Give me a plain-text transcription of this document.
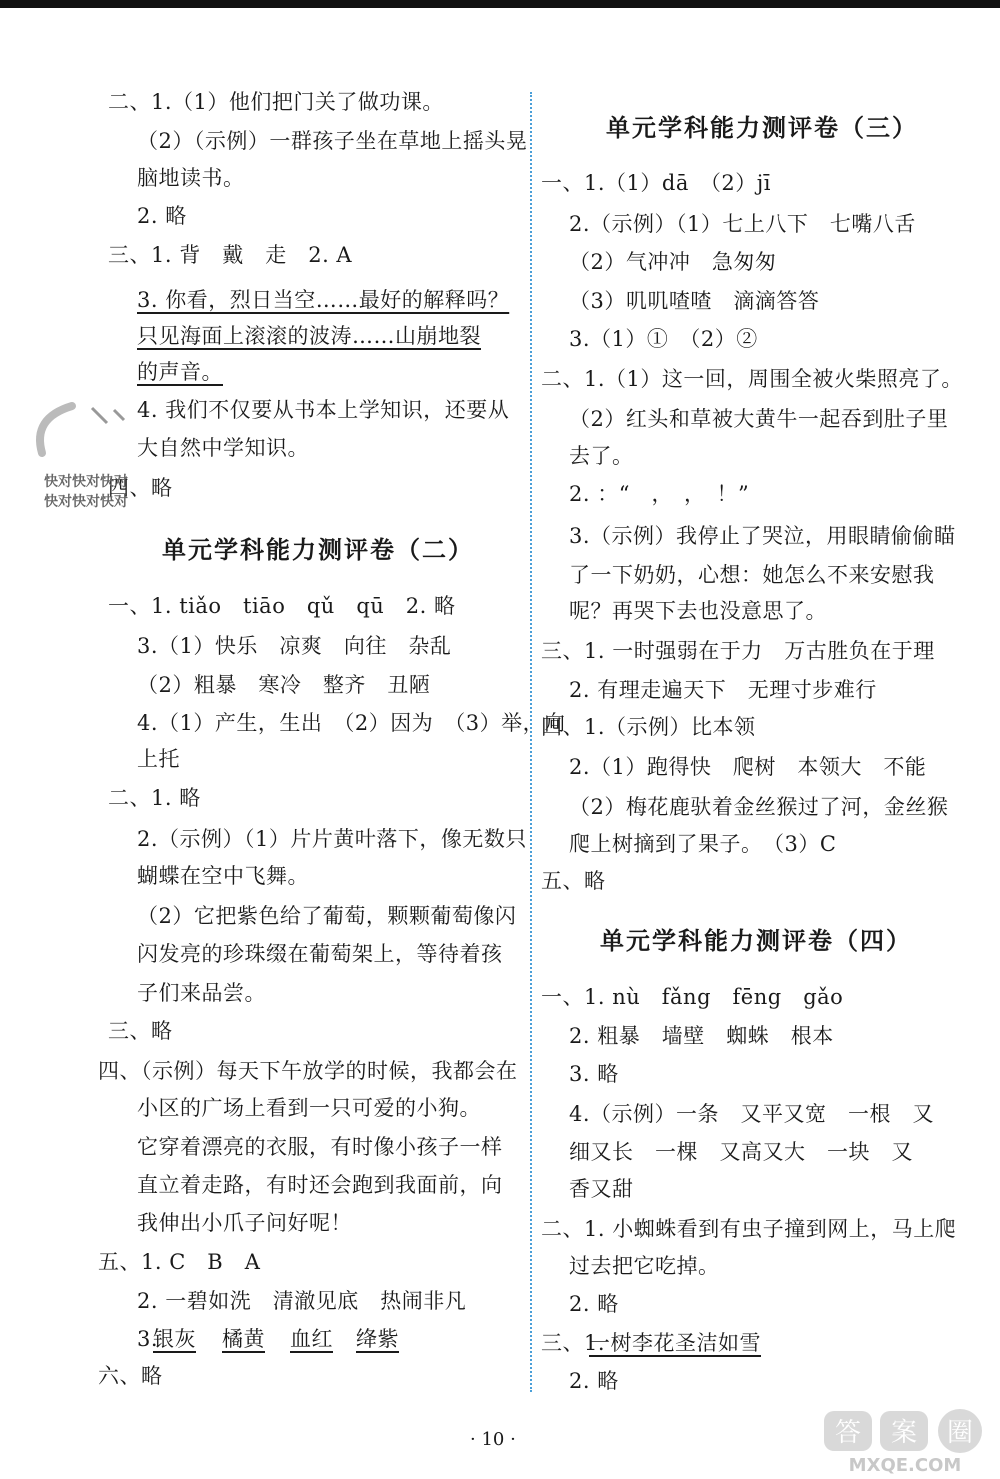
二、1.（1）他们把门关了做功课。
（2）（示例）一群孩子坐在草地上摇头晃
脑地读书。
2. 略
三、1. 背　戴　走　2. A
3. 你看，烈日当空……最好的解释吗？
只见海面上滚滚的波涛……山崩地裂
的声音。
4. 我们不仅要从书本上学知识，还要从
大自然中学知识。
四、略
单元学科能力测评卷（二）
一、1. tiǎo　tiāo　qǔ　qū　2. 略
3.（1）快乐　凉爽　向往　杂乱
（2）粗暴　寒冷　整齐　丑陋
4.（1）产生，生出　（2）因为　（3）举，向
上托
二、1. 略
2.（示例）（1）片片黄叶落下，像无数只
蝴蝶在空中飞舞。
（2）它把紫色给了葡萄，颗颗葡萄像闪
闪发亮的珍珠缀在葡萄架上，等待着孩
子们来品尝。
三、略
四、（示例）每天下午放学的时候，我都会在
小区的广场上看到一只可爱的小狗。
它穿着漂亮的衣服，有时像小孩子一样
直立着走路，有时还会跑到我面前，向
我伸出小爪子问好呢！
五、1. C　B　A
2. 一碧如洗　清澈见底　热闹非凡
3.
银灰 橘黄 血红 绛紫
六、略
单元学科能力测评卷（三）
一、1.（1）dā　（2）jī
2.（示例）（1）七上八下　七嘴八舌
（2）气冲冲　急匆匆
（3）叽叽喳喳　滴滴答答
3.（1）①　（2）②
二、1.（1）这一回，周围全被火柴照亮了。
（2）红头和草被大黄牛一起吞到肚子里
去了。
2. ：“　，　，　！”
3.（示例）我停止了哭泣，用眼睛偷偷瞄
了一下奶奶，心想：她怎么不来安慰我
呢？再哭下去也没意思了。
三、1. 一时强弱在于力　万古胜负在于理
2. 有理走遍天下　无理寸步难行
四、1.（示例）比本领
2.（1）跑得快　爬树　本领大　不能
（2）梅花鹿驮着金丝猴过了河，金丝猴
爬上树摘到了果子。　（3）C
五、略
单元学科能力测评卷（四）
一、1. nù　fǎng　fēng　gǎo
2. 粗暴　墙壁　蜘蛛　根本
3. 略
4.（示例）一条　又平又宽　一根　又
细又长　一棵　又高又大　一块　又
香又甜
二、1. 小蜘蛛看到有虫子撞到网上，马上爬
过去把它吃掉。
2. 略
三、1.
一树李花圣洁如雪
2. 略
快对快对快对
快对快对快对
· 10 ·	答 案 圈
MXQE.COM
